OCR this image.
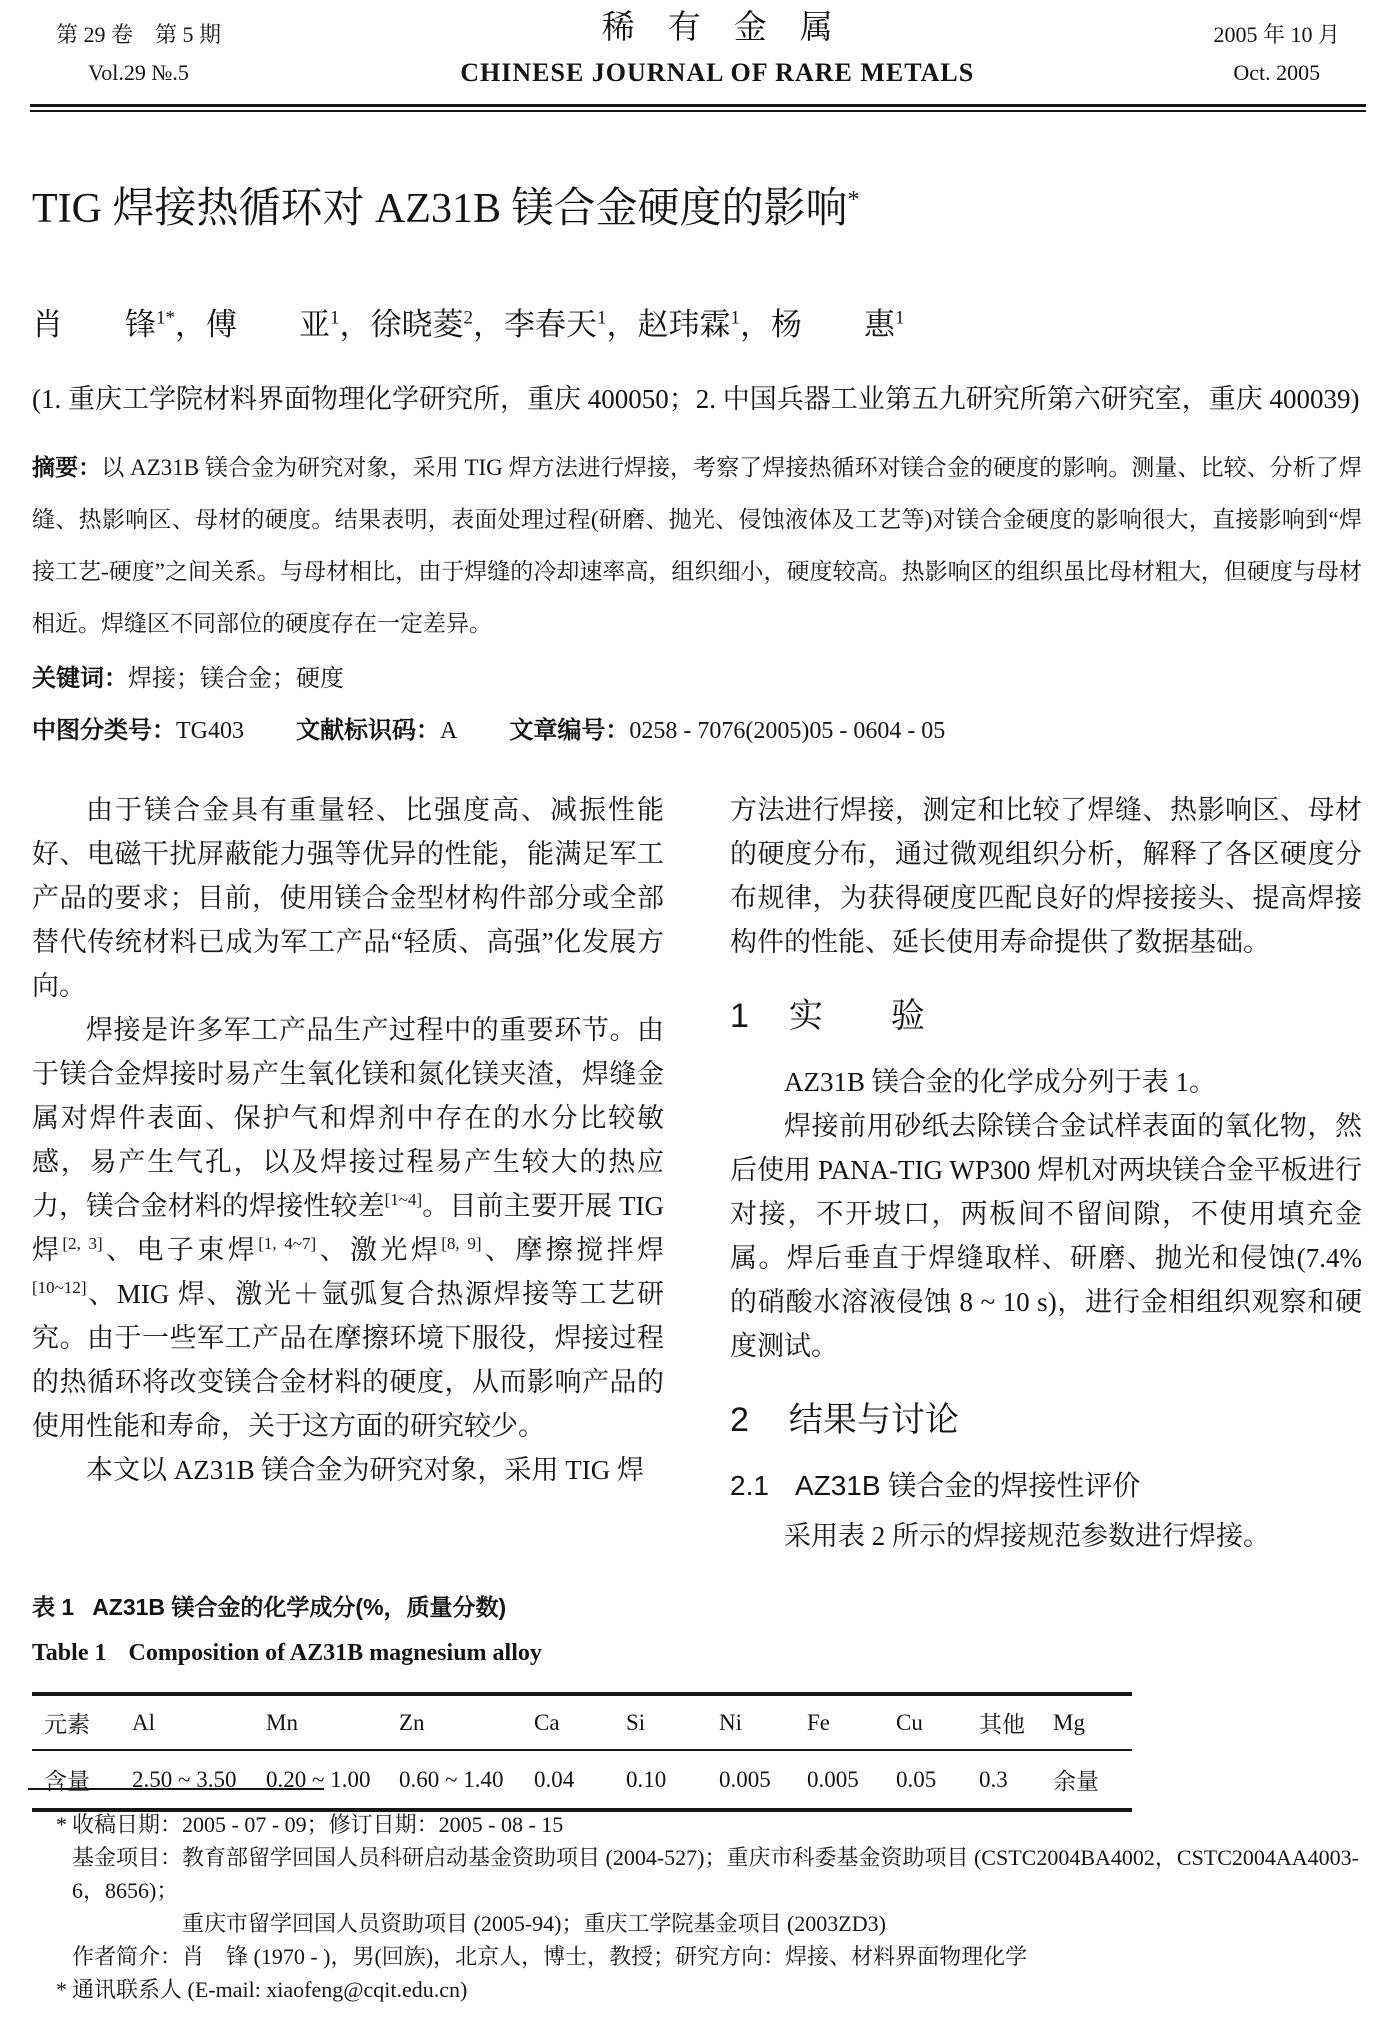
第 29 卷　第 5 期
Vol.29 №.5
稀　有　金　属
CHINESE JOURNAL OF RARE METALS
2005 年 10 月
Oct. 2005
TIG 焊接热循环对 AZ31B 镁合金硬度的影响*
肖　　锋$^{1*}$，傅　　亚$^1$，徐晓菱$^2$，李春天$^1$，赵玮霖$^1$，杨　　惠$^1$

(1. 重庆工学院材料界面物理化学研究所，重庆 400050；2. 中国兵器工业第五九研究所第六研究室，重庆 400039)

摘要：以 AZ31B 镁合金为研究对象，采用 TIG 焊方法进行焊接，考察了焊接热循环对镁合金的硬度的影响。测量、比较、分析了焊缝、热影响区、母材的硬度。结果表明，表面处理过程(研磨、抛光、侵蚀液体及工艺等)对镁合金硬度的影响很大，直接影响到“焊接工艺-硬度”之间关系。与母材相比，由于焊缝的冷却速率高，组织细小，硬度较高。热影响区的组织虽比母材粗大，但硬度与母材相近。焊缝区不同部位的硬度存在一定差异。

关键词：焊接；镁合金；硬度

中图分类号：TG403 文献标识码：A 文章编号：0258 - 7076(2005)05 - 0604 - 05

由于镁合金具有重量轻、比强度高、减振性能好、电磁干扰屏蔽能力强等优异的性能，能满足军工产品的要求；目前，使用镁合金型材构件部分或全部替代传统材料已成为军工产品“轻质、高强”化发展方向。

焊接是许多军工产品生产过程中的重要环节。由于镁合金焊接时易产生氧化镁和氮化镁夹渣，焊缝金属对焊件表面、保护气和焊剂中存在的水分比较敏感，易产生气孔，以及焊接过程易产生较大的热应力，镁合金材料的焊接性较差[1~4]。目前主要开展 TIG 焊[2, 3]、电子束焊[1, 4~7]、激光焊[8, 9]、摩擦搅拌焊[10~12]、MIG 焊、激光＋氩弧复合热源焊接等工艺研究。由于一些军工产品在摩擦环境下服役，焊接过程的热循环将改变镁合金材料的硬度，从而影响产品的使用性能和寿命，关于这方面的研究较少。

本文以 AZ31B 镁合金为研究对象，采用 TIG 焊

方法进行焊接，测定和比较了焊缝、热影响区、母材的硬度分布，通过微观组织分析，解释了各区硬度分布规律，为获得硬度匹配良好的焊接接头、提高焊接构件的性能、延长使用寿命提供了数据基础。

1 实　　验

AZ31B 镁合金的化学成分列于表 1。

焊接前用砂纸去除镁合金试样表面的氧化物，然后使用 PANA-TIG WP300 焊机对两块镁合金平板进行对接，不开坡口，两板间不留间隙，不使用填充金属。焊后垂直于焊缝取样、研磨、抛光和侵蚀(7.4%的硝酸水溶液侵蚀 8 ~ 10 s)，进行金相组织观察和硬度测试。

2 结果与讨论
2.1 AZ31B 镁合金的焊接性评价

采用表 2 所示的焊接规范参数进行焊接。

表 1 AZ31B 镁合金的化学成分(%，质量分数)
Table 1 Composition of AZ31B magnesium alloy
元素	Al	Mn	Zn	Ca	Si	Ni	Fe	Cu	其他	Mg
含量	2.50 ~ 3.50	0.20 ~ 1.00	0.60 ~ 1.40	0.04	0.10	0.005	0.005	0.05	0.3	余量
* 收稿日期：2005 - 07 - 09；修订日期：2005 - 08 - 15
基金项目：教育部留学回国人员科研启动基金资助项目 (2004-527)；重庆市科委基金资助项目 (CSTC2004BA4002，CSTC2004AA4003-6，8656)；
重庆市留学回国人员资助项目 (2005-94)；重庆工学院基金项目 (2003ZD3)
作者简介：肖　锋 (1970 - )，男(回族)，北京人，博士，教授；研究方向：焊接、材料界面物理化学
* 通讯联系人 (E-mail: xiaofeng@cqit.edu.cn)
